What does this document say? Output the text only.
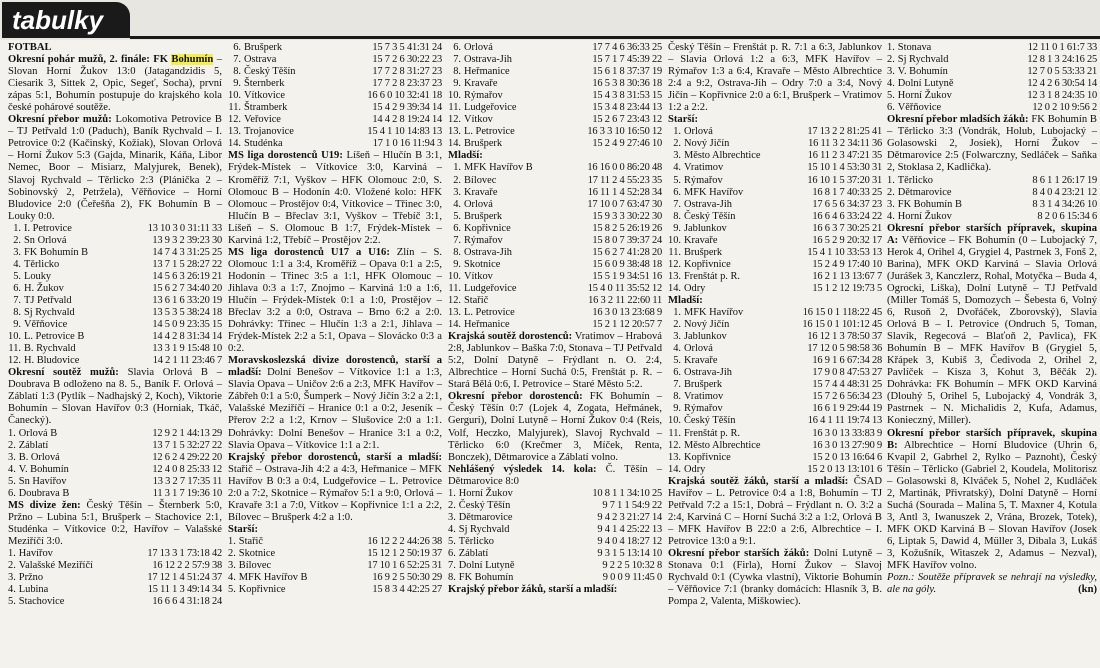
tabulky
FOTBAL

Okresní pohár mužů, 2. finále: FK Bohumín – Slovan Horní Žukov 13:0 (Jatagandzidis 5, Ciesarik 3, Sittek 2, Opic, Segeť, Socha), první zápas 5:1, Bohumín postupuje do krajského kola české pohárové soutěže.

Okresní přebor mužů: Lokomotiva Petrovice B – TJ Petřvald 1:0 (Paduch), Baník Rychvald – I. Petrovice 0:2 (Kačinský, Kožiak), Slovan Orlová – Horní Žukov 5:3 (Gajda, Minarik, Káňa, Libor Nemec, Boor – Misiarz, Malyjurek, Benek), Slavoj Rychvald – Těrlicko 2:3 (Plánička 2 – Sobinovský 2, Petržela), Věřňovice – Horní Bludovice 2:0 (Čeřešňa 2), FK Bohumín B – Louky 0:0.

1.	I. Petrovice	13 10 3 0 31:11 33
2.	Sn Orlová	13 9 3 2 39:23 30
3.	FK Bohumín B	14 7 4 3 31:25 25
4.	Těrlicko	13 7 1 5 28:27 22
5.	Louky	14 5 6 3 26:19 21
6.	H. Žukov	15 6 2 7 34:40 20
7.	TJ Petřvald	13 6 1 6 33:20 19
8.	Sj Rychvald	13 5 3 5 38:24 18
9.	Věřňovice	14 5 0 9 23:35 15
10.	L. Petrovice B	14 4 2 8 31:34 14
11.	B. Rychvald	13 3 1 9 15:48 10
12.	H. Bludovice	14 2 1 11 23:46 7

Okresní soutěž mužů: Slavia Orlová B – Doubrava B odloženo na 8. 5., Baník F. Orlová – Záblatí 1:3 (Pytlík – Nadhajský 2, Koch), Viktorie Bohumín – Slovan Havířov 0:3 (Horniak, Tkáč, Čanecký).

1.	Orlová B	12 9 2 1 44:13 29
2.	Záblatí	13 7 1 5 32:27 22
3.	B. Orlová	12 6 2 4 29:22 20
4.	V. Bohumín	12 4 0 8 25:33 12
5.	Sn Havířov	13 3 2 7 17:35 11
6.	Doubrava B	11 3 1 7 19:36 10

MS divize žen: Český Těšín – Šternberk 5:0, Pržno – Lubina 5:1, Brušperk – Stachovice 2:1, Studénka – Vítkovice 0:2, Havířov – Valašské Meziříčí 3:0.

1.	Havířov	17 13 3 1 73:18 42
2.	Valašské Meziříčí	16 12 2 2 57:9 38
3.	Pržno	17 12 1 4 51:24 37
4.	Lubina	15 11 1 3 49:14 34
5.	Stachovice	16 6 6 4 31:18 24
6.	Brušperk	15 7 3 5 41:31 24
7.	Ostrava	15 7 2 6 30:22 23
8.	Český Těšín	17 7 2 8 31:27 23
9.	Šternberk	17 7 2 8 23:37 23
10.	Vítkovice	16 6 0 10 32:41 18
11.	Štramberk	15 4 2 9 39:34 14
12.	Veřovice	14 4 2 8 19:24 14
13.	Trojanovice	15 4 1 10 14:83 13
14.	Studénka	17 1 0 16 11:94 3

MS liga dorostenců U19: Líšeň – Hlučín B 3:1, Frýdek-Místek – Vítkovice 3:0, Karviná – Kroměříž 7:1, Vyškov – HFK Olomouc 2:0, S. Olomouc B – Hodonín 4:0. Vložené kolo: HFK Olomouc – Prostějov 0:4, Vítkovice – Třinec 3:0, Hlučín B – Břeclav 3:1, Vyškov – Třebíč 3:1, Líšeň – S. Olomouc B 1:7, Frýdek-Místek – Karviná 1:2, Třebíč – Prostějov 2:2.

MS liga dorostenců U17 a U16: Zlín – S. Olomouc 1:1 a 3:4, Kroměříž – Opava 0:1 a 2:5, Hodonín – Třinec 3:5 a 1:1, HFK Olomouc – Jihlava 0:3 a 1:7, Znojmo – Karviná 1:0 a 1:6, Hlučín – Frýdek-Místek 0:1 a 1:0, Prostějov – Břeclav 3:2 a 0:0, Ostrava – Brno 6:2 a 2:0. Dohrávky: Třinec – Hlučín 1:3 a 2:1, Jihlava – Frýdek-Místek 2:2 a 5:1, Opava – Slovácko 0:3 a 0:2.

Moravskoslezská divize dorostenců, starší a mladší: Dolní Benešov – Vítkovice 1:1 a 1:3, Slavia Opava – Uničov 2:6 a 2:3, MFK Havířov – Zábřeh 0:1 a 5:0, Šumperk – Nový Jičín 3:2 a 2:1, Valašské Meziříčí – Hranice 0:1 a 0:2, Jeseník – Přerov 2:2 a 1:2, Krnov – Slušovice 2:0 a 1:1. Dohrávky: Dolní Benešov – Hranice 3:1 a 0:2, Slavia Opava – Vítkovice 1:1 a 2:1.

Krajský přebor dorostenců, starší a mladší: Stařič – Ostrava-Jih 4:2 a 4:3, Heřmanice – MFK Havířov B 0:3 a 0:4, Ludgeřovice – L. Petrovice 2:0 a 7:2, Skotnice – Rýmařov 5:1 a 9:0, Orlová – Kravaře 3:1 a 7:0, Vítkov – Kopřivnice 1:1 a 2:2, Bílovec – Brušperk 4:2 a 1:0.

Starší:
1.	Stařič	16 12 2 2 44:26 38
2.	Skotnice	15 12 1 2 50:19 37
3.	Bílovec	17 10 1 6 52:25 31
4.	MFK Havířov B	16 9 2 5 50:30 29
5.	Kopřivnice	15 8 3 4 42:25 27
6.	Orlová	17 7 4 6 36:33 25
7.	Ostrava-Jih	15 7 1 7 45:39 22
8.	Heřmanice	15 6 1 8 37:37 19
9.	Kravaře	16 5 3 8 30:36 18
10.	Rýmařov	15 4 3 8 31:53 15
11.	Ludgeřovice	15 3 4 8 23:44 13
12.	Vítkov	15 2 6 7 23:43 12
13.	L. Petrovice	16 3 3 10 16:50 12
14.	Brušperk	15 2 4 9 27:46 10
Mladší:
1.	MFK Havířov B	16 16 0 0 86:20 48
2.	Bílovec	17 11 2 4 55:23 35
3.	Kravaře	16 11 1 4 52:28 34
4.	Orlová	17 10 0 7 63:47 30
5.	Brušperk	15 9 3 3 30:22 30
6.	Kopřivnice	15 8 2 5 26:19 26
7.	Rýmařov	15 8 0 7 39:37 24
8.	Ostrava-Jih	15 6 2 7 41:28 20
9.	Skotnice	15 6 0 9 38:48 18
10.	Vítkov	15 5 1 9 34:51 16
11.	Ludgeřovice	15 4 0 11 35:52 12
12.	Stařič	16 3 2 11 22:60 11
13.	L. Petrovice	16 3 0 13 23:68 9
14.	Heřmanice	15 2 1 12 20:57 7

Krajská soutěž dorostenců: Vratimov – Hrabová 2:8, Jablunkov – Baška 7:0, Stonava – TJ Petřvald 5:2, Dolní Datyně – Frýdlant n. O. 2:4, Albrechtice – Horní Suchá 0:5, Frenštát p. R. – Stará Bělá 0:6, I. Petrovice – Staré Město 5:2.

Okresní přebor dorostenců: FK Bohumín – Český Těšín 0:7 (Lojek 4, Zogata, Heřmánek, Gerguri), Dolní Lutyně – Horní Žukov 0:4 (Reis, Volf, Heczko, Malyjurek), Slavoj Rychvald – Těrlicko 6:0 (Krečmer 3, Míček, Renta, Bonczek), Dětmarovice a Záblatí volno.

Nehlášený výsledek 14. kola: Č. Těšín – Dětmarovice 8:0

1.	Horní Žukov	10 8 1 1 34:10 25
2.	Český Těšín	9 7 1 1 54:9 22
3.	Dětmarovice	9 4 2 3 21:27 14
4.	Sj Rychvald	9 4 1 4 25:22 13
5.	Těrlicko	9 4 0 4 18:27 12
6.	Záblatí	9 3 1 5 13:14 10
7.	Dolní Lutyně	9 2 2 5 10:32 8
8.	FK Bohumín	9 0 0 9 11:45 0

Krajský přebor žáků, starší a mladší:

Český Těšín – Frenštát p. R. 7:1 a 6:3, Jablunkov – Slavia Orlová 1:2 a 6:3, MFK Havířov – Rýmařov 1:3 a 6:4, Kravaře – Město Albrechtice 2:4 a 9:2, Ostrava-Jih – Odry 7:0 a 3:4, Nový Jičín – Kopřivnice 2:0 a 6:1, Brušperk – Vratimov 1:2 a 2:2.

Starší:
1.	Orlová	17 13 2 2 81:25 41
2.	Nový Jičín	16 11 3 2 34:11 36
3.	Město Albrechtice	16 11 2 3 47:21 35
4.	Vratimov	15 10 1 4 53:30 31
5.	Rýmařov	16 10 1 5 37:20 31
6.	MFK Havířov	16 8 1 7 40:33 25
7.	Ostrava-Jih	17 6 5 6 34:37 23
8.	Český Těšín	16 6 4 6 33:24 22
9.	Jablunkov	16 6 3 7 30:25 21
10.	Kravaře	16 5 2 9 20:32 17
11.	Brušperk	15 4 1 10 33:53 13
12.	Kopřivnice	15 2 4 9 17:40 10
13.	Frenštát p. R.	16 2 1 13 13:67 7
14.	Odry	15 1 2 12 19:73 5
Mladší:
1.	MFK Havířov	16 15 0 1 118:22 45
2.	Nový Jičín	16 15 0 1 101:12 45
3.	Jablunkov	16 12 1 3 78:50 37
4.	Orlová	17 12 0 5 98:58 36
5.	Kravaře	16 9 1 6 67:34 28
6.	Ostrava-Jih	17 9 0 8 47:53 27
7.	Brušperk	15 7 4 4 48:31 25
8.	Vratimov	15 7 2 6 56:34 23
9.	Rýmařov	16 6 1 9 29:44 19
10.	Český Těšín	16 4 1 11 19:74 13
11.	Frenštát p. R.	16 3 0 13 33:83 9
12.	Město Albrechtice	16 3 0 13 27:90 9
13.	Kopřivnice	15 2 0 13 16:64 6
14.	Odry	15 2 0 13 13:101 6

Krajská soutěž žáků, starší a mladší: ČSAD Havířov – L. Petrovice 0:4 a 1:8, Bohumín – TJ Petřvald 7:2 a 15:1, Dobrá – Frýdlant n. O. 3:2 a 2:4, Karviná C – Horní Suchá 3:2 a 1:2, Orlová B – MFK Havířov B 22:0 a 2:6, Albrechtice – I. Petrovice 13:0 a 9:1.

Okresní přebor starších žáků: Dolní Lutyně – Stonava 0:1 (Firla), Horní Žukov – Slavoj Rychvald 0:1 (Cywka vlastní), Viktorie Bohumín – Věřňovice 7:1 (branky domácích: Hlasník 3, B. Pompa 2, Valenta, Miškowiec).

1.	Stonava	12 11 0 1 61:7 33
2.	Sj Rychvald	12 8 1 3 24:16 25
3.	V. Bohumín	12 7 0 5 53:33 21
4.	Dolní Lutyně	12 4 2 6 30:54 14
5.	Horní Žukov	12 3 1 8 24:35 10
6.	Věřňovice	12 0 2 10 9:56 2

Okresní přebor mladších žáků: FK Bohumín B – Těrlicko 3:3 (Vondrák, Holub, Lubojacký – Golasowski 2, Josiek), Horní Žukov – Dětmarovice 2:5 (Folwarczny, Sedláček – Saňka 2, Stoklasa 2, Kadlička).

1.	Těrlicko	8 6 1 1 26:17 19
2.	Dětmarovice	8 4 0 4 23:21 12
3.	FK Bohumín B	8 3 1 4 34:26 10
4.	Horní Žukov	8 2 0 6 15:34 6

Okresní přebor starších přípravek, skupina A: Věřňovice – FK Bohumín (0 – Lubojacký 7, Herok 4, Orihel 4, Grygiel 4, Pastrnek 3, Fonš 2, Barina), MFK OKD Karviná – Slavia Orlová (Jurášek 3, Kanczlerz, Rohal, Motyčka – Buda 4, Ogrocki, Liška), Dolní Lutyně – TJ Petřvald (Miller Tomáš 5, Domozych – Šebesta 6, Volný 6, Rusoň 2, Dvořáček, Zborovský), Slavia Orlová B – I. Petrovice (Ondruch 5, Toman, Slavík, Regecová – Blaťoň 2, Pavlica), FK Bohumín B – MFK Havířov B (Grygiel 5, Křápek 3, Kubiš 3, Čedivoda 2, Orihel 2, Pavlíček – Kisza 3, Kohut 3, Běčák 2). Dohrávka: FK Bohumín – MFK OKD Karviná (Dlouhý 5, Orihel 5, Lubojacký 4, Vondrák 3, Pastrnek – N. Michalidis 2, Kufa, Adamus, Konieczný, Miller).

Okresní přebor starších přípravek, skupina B: Albrechtice – Horní Bludovice (Uhrin 6, Kvapil 2, Gabrhel 2, Rylko – Paznoht), Český Těšín – Těrlicko (Gabriel 2, Koudela, Molitorisz – Golasowski 8, Klváček 5, Nohel 2, Kudláček 2, Martinák, Přivratský), Dolní Datyně – Horní Suchá (Sourada – Malina 5, T. Maxner 4, Kotula 3, Antl 3, Iwanuszek 2, Vrána, Brozek, Totek), MFK OKD Karviná B – Slovan Havířov (Josek 6, Liptak 5, Dawid 4, Müller 3, Dibala 3, Lukáš 3, Kožušník, Witaszek 2, Adamus – Nezval), MFK Havířov volno.

Pozn.: Soutěže přípravek se nehrají na výsledky, ale na góly.	(kn)
